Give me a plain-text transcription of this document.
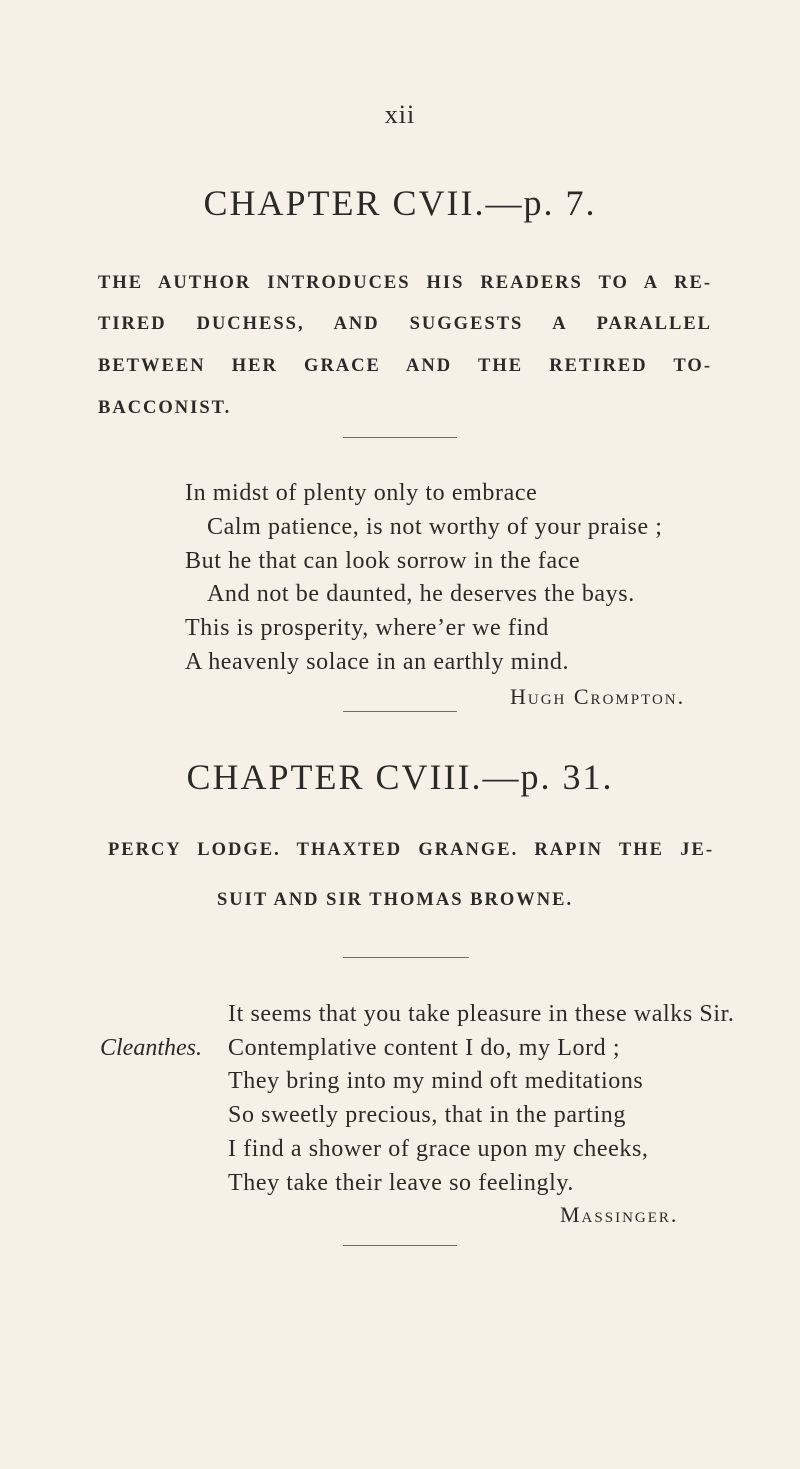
xii
CHAPTER CVII.—p. 7.
THE AUTHOR INTRODUCES HIS READERS TO A RE-
TIRED DUCHESS, AND SUGGESTS A PARALLEL
BETWEEN HER GRACE AND THE RETIRED TO-
BACCONIST.
In midst of plenty only to embrace
Calm patience, is not worthy of your praise ;
But he that can look sorrow in the face
And not be daunted, he deserves the bays.
This is prosperity, where’er we find
A heavenly solace in an earthly mind.
Hugh Crompton.
CHAPTER CVIII.—p. 31.
PERCY LODGE. THAXTED GRANGE. RAPIN THE JE-
SUIT AND SIR THOMAS BROWNE.
It seems that you take pleasure in these walks Sir.
Cleanthes. Contemplative content I do, my Lord ;
They bring into my mind oft meditations
So sweetly precious, that in the parting
I find a shower of grace upon my cheeks,
They take their leave so feelingly.
Massinger.
